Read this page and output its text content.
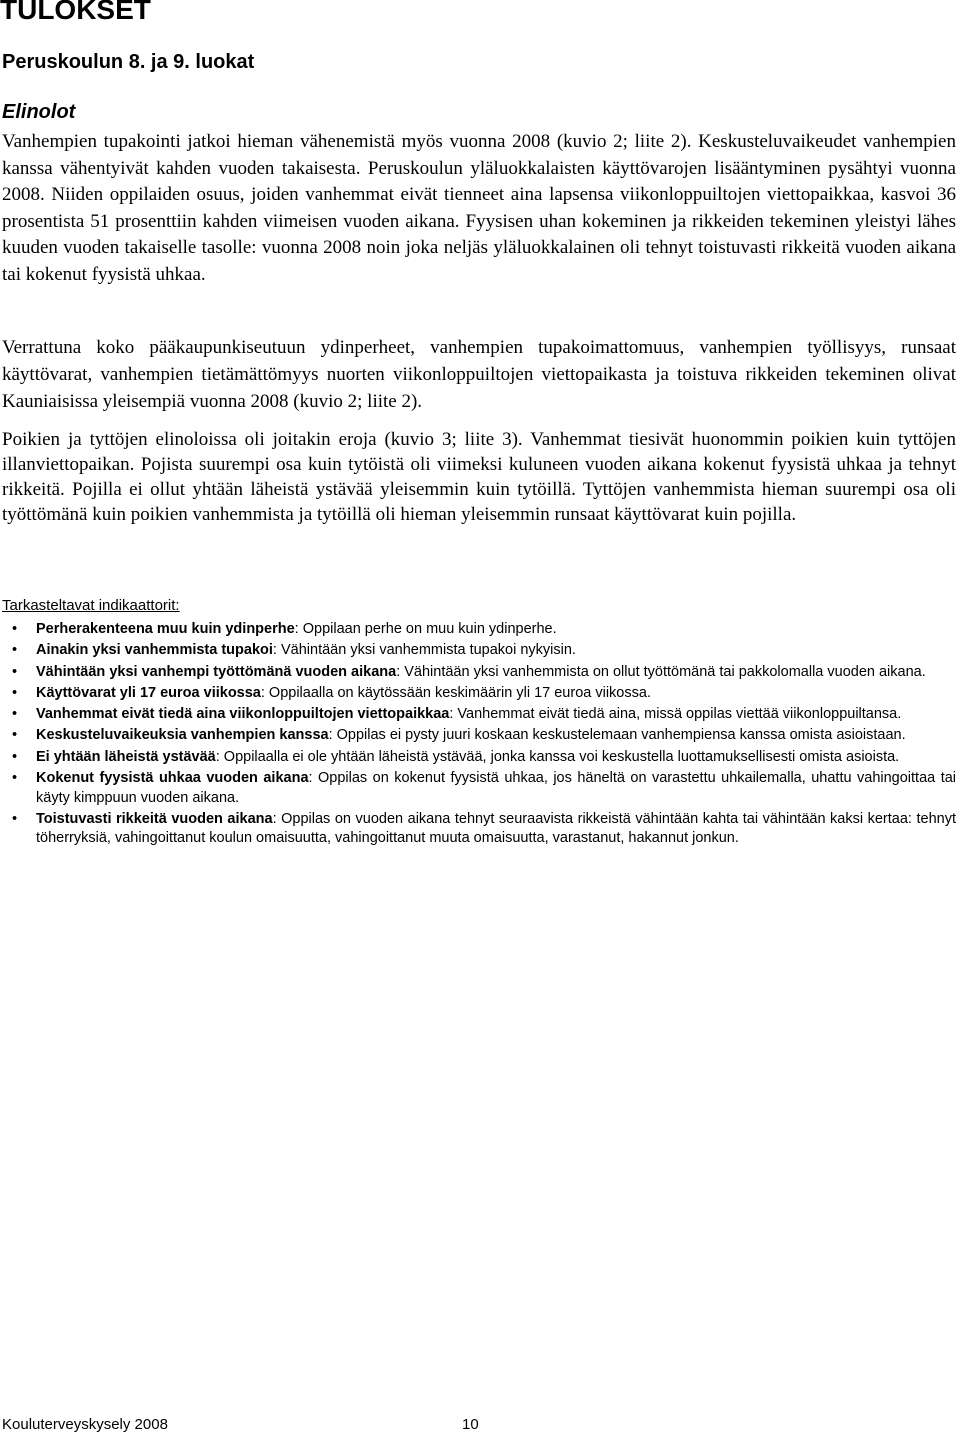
TULOKSET
Peruskoulun 8. ja 9. luokat
Elinolot

Vanhempien tupakointi jatkoi hieman vähenemistä myös vuonna 2008 (kuvio 2; liite 2). Keskusteluvaikeudet vanhempien kanssa vähentyivät kahden vuoden takaisesta. Peruskoulun yläluokkalaisten käyttövarojen lisääntyminen pysähtyi vuonna 2008. Niiden oppilaiden osuus, joiden vanhemmat eivät tienneet aina lapsensa viikonloppuiltojen viettopaikkaa, kasvoi 36 prosentista 51 prosenttiin kahden viimeisen vuoden aikana. Fyysisen uhan kokeminen ja rikkeiden tekeminen yleistyi lähes kuuden vuoden takaiselle tasolle: vuonna 2008 noin joka neljäs yläluokkalainen oli tehnyt toistuvasti rikkeitä vuoden aikana tai kokenut fyysistä uhkaa.

Verrattuna koko pääkaupunkiseutuun ydinperheet, vanhempien tupakoimattomuus, vanhempien työllisyys, runsaat käyttövarat, vanhempien tietämättömyys nuorten viikonloppuiltojen viettopaikasta ja toistuva rikkeiden tekeminen olivat Kauniaisissa yleisempiä vuonna 2008 (kuvio 2; liite 2).

Poikien ja tyttöjen elinoloissa oli joitakin eroja (kuvio 3; liite 3). Vanhemmat tiesivät huonommin poikien kuin tyttöjen illanviettopaikan. Pojista suurempi osa kuin tytöistä oli viimeksi kuluneen vuoden aikana kokenut fyysistä uhkaa ja tehnyt rikkeitä. Pojilla ei ollut yhtään läheistä ystävää yleisemmin kuin tytöillä. Tyttöjen vanhemmista hieman suurempi osa oli työttömänä kuin poikien vanhemmista ja tytöillä oli hieman yleisemmin runsaat käyttövarat kuin pojilla.

Tarkasteltavat indikaattorit:

•	Perherakenteena muu kuin ydinperhe: Oppilaan perhe on muu kuin ydinperhe.
•	Ainakin yksi vanhemmista tupakoi: Vähintään yksi vanhemmista tupakoi nykyisin.
•	Vähintään yksi vanhempi työttömänä vuoden aikana: Vähintään yksi vanhemmista on ollut työttömänä tai pakkolomalla vuoden aikana.
•	Käyttövarat yli 17 euroa viikossa: Oppilaalla on käytössään keskimäärin yli 17 euroa viikossa.
•	Vanhemmat eivät tiedä aina viikonloppuiltojen viettopaikkaa: Vanhemmat eivät tiedä aina, missä oppilas viettää viikonloppuiltansa.
•	Keskusteluvaikeuksia vanhempien kanssa: Oppilas ei pysty juuri koskaan keskustelemaan vanhempiensa kanssa omista asioistaan.
•	Ei yhtään läheistä ystävää: Oppilaalla ei ole yhtään läheistä ystävää, jonka kanssa voi keskustella luottamuksellisesti omista asioista.
•	Kokenut fyysistä uhkaa vuoden aikana: Oppilas on kokenut fyysistä uhkaa, jos häneltä on varastettu uhkailemalla, uhattu vahingoittaa tai käyty kimppuun vuoden aikana.
•	Toistuvasti rikkeitä vuoden aikana: Oppilas on vuoden aikana tehnyt seuraavista rikkeistä vähintään kahta tai vähintään kaksi kertaa: tehnyt töherryksiä, vahingoittanut koulun omaisuutta, vahingoittanut muuta omaisuutta, varastanut, hakannut jonkun.

Kouluterveyskysely 2008	10
